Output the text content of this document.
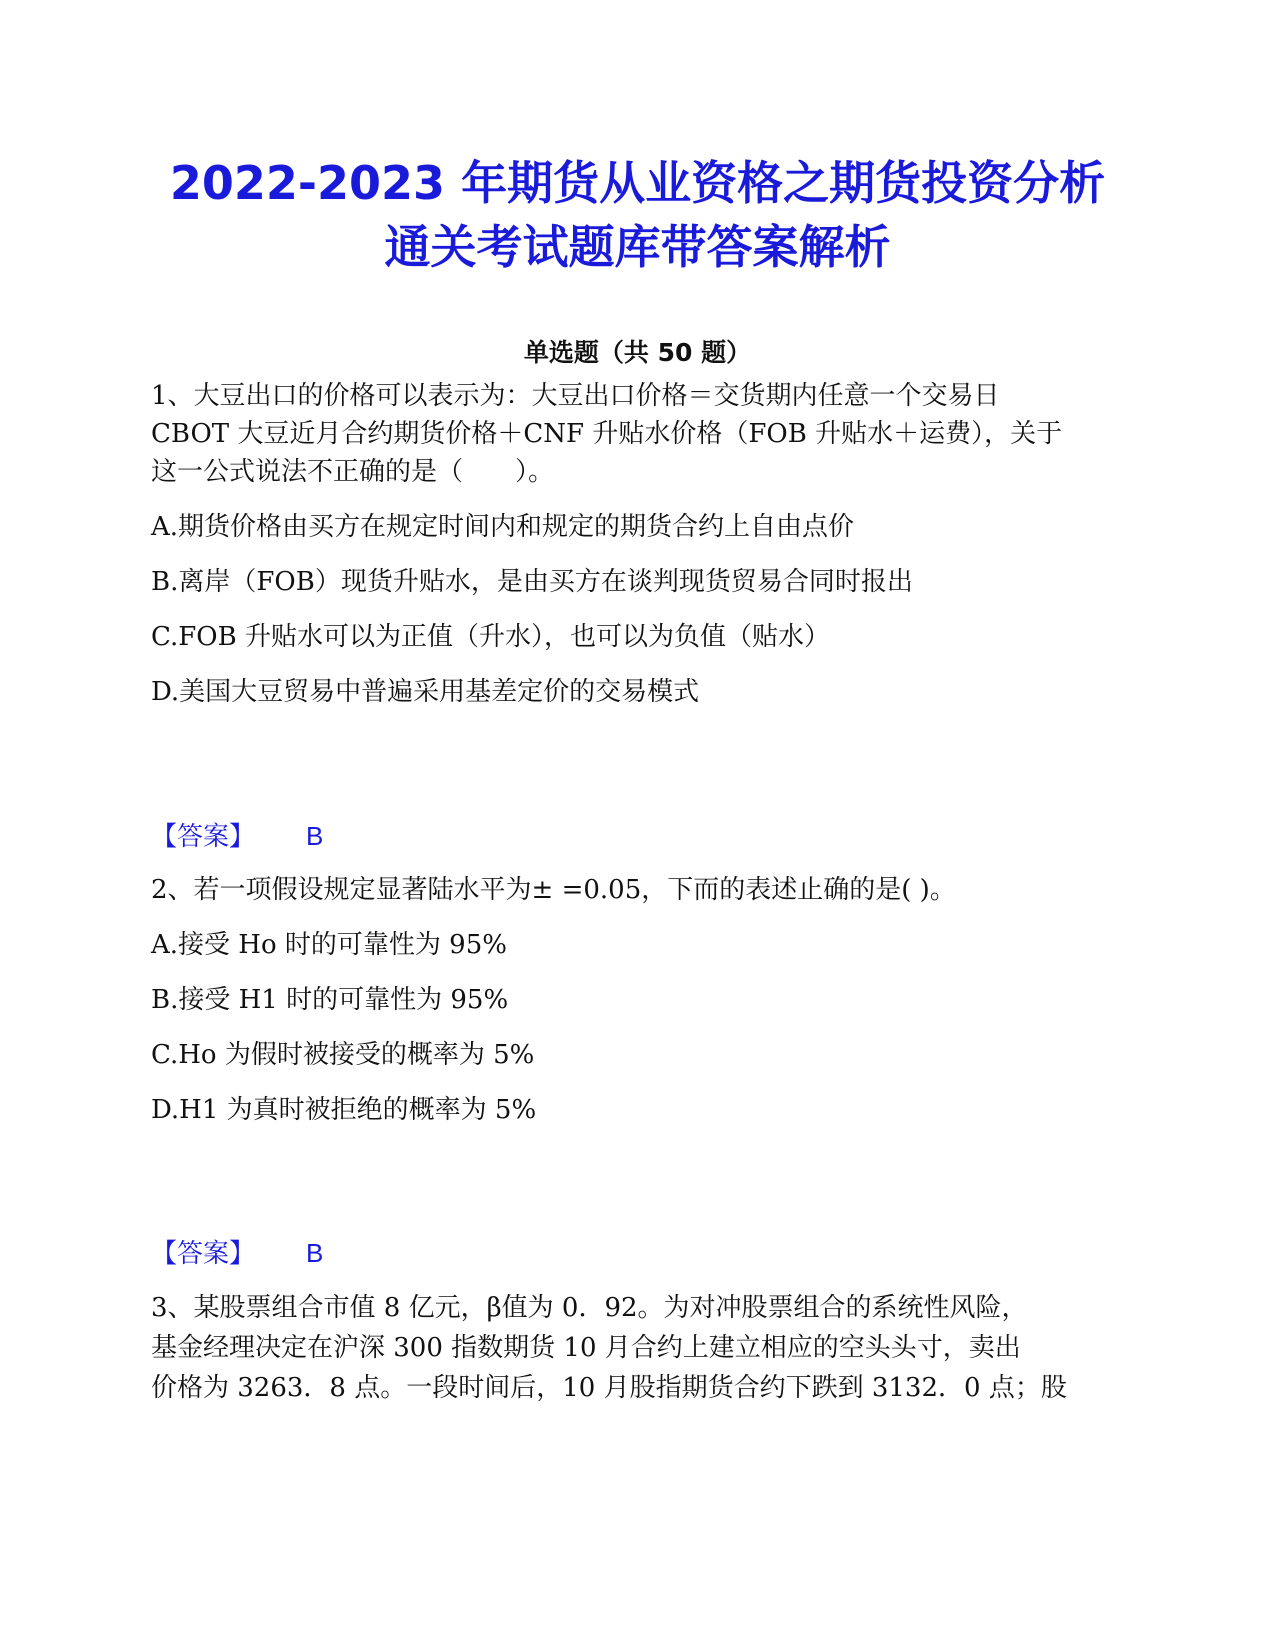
2022-2023 年期货从业资格之期货投资分析
通关考试题库带答案解析
单选题（共 50 题）

1、大豆出口的价格可以表示为：大豆出口价格＝交货期内任意一个交易日

CBOT 大豆近月合约期货价格＋CNF 升贴水价格（FOB 升贴水＋运费），关于

这一公式说法不正确的是（　　）。

A.期货价格由买方在规定时间内和规定的期货合约上自由点价

B.离岸（FOB）现货升贴水，是由买方在谈判现货贸易合同时报出

C.FOB 升贴水可以为正值（升水），也可以为负值（贴水）

D.美国大豆贸易中普遍采用基差定价的交易模式

【答案】 B

2、若一项假设规定显著陆水平为± =0.05，下而的表述止确的是( )。

A.接受 Ho 时的可靠性为 95%

B.接受 H1 时的可靠性为 95%

C.Ho 为假时被接受的概率为 5%

D.H1 为真时被拒绝的概率为 5%

【答案】 B

3、某股票组合市值 8 亿元，β值为 0．92。为对冲股票组合的系统性风险，

基金经理决定在沪深 300 指数期货 10 月合约上建立相应的空头头寸，卖出

价格为 3263．8 点。一段时间后，10 月股指期货合约下跌到 3132．0 点；股
